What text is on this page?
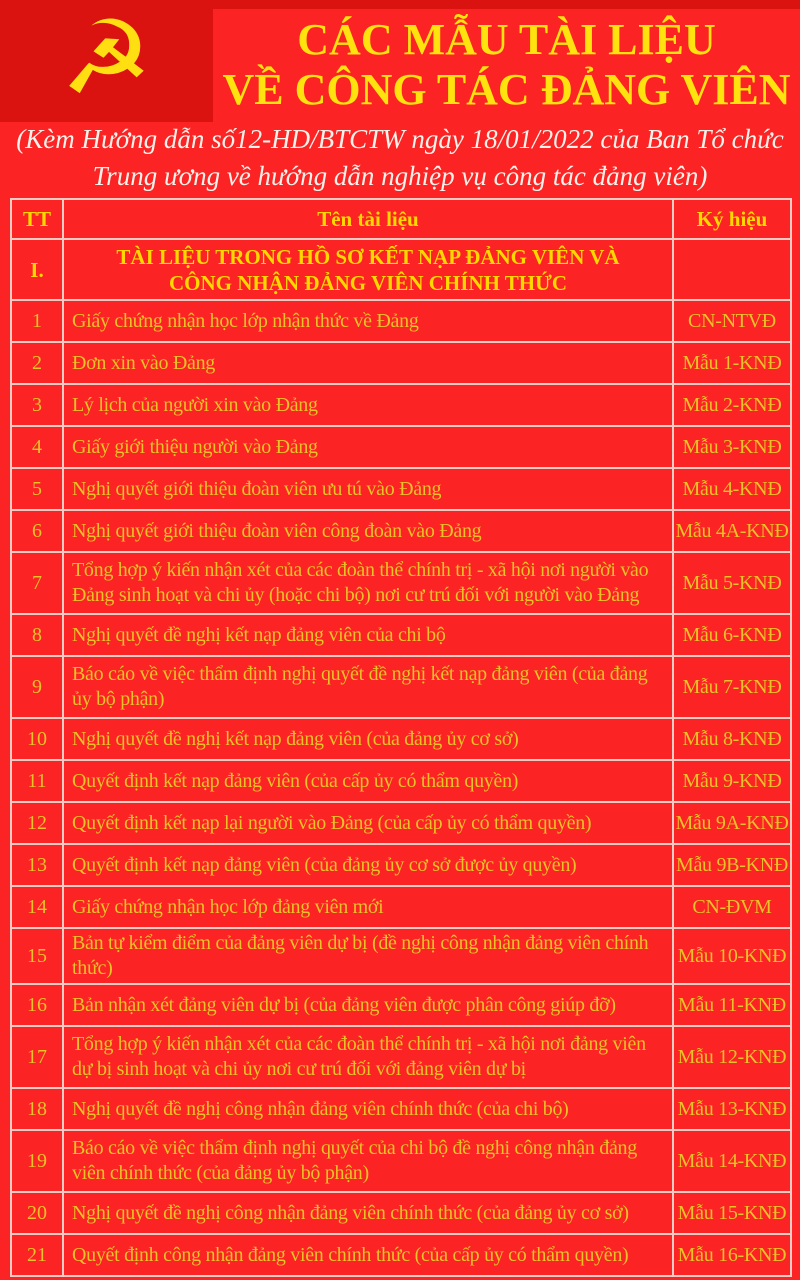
☭	CÁC MẪU TÀI LIỆU
VỀ CÔNG TÁC ĐẢNG VIÊN
(Kèm Hướng dẫn số12-HD/BTCTW ngày 18/01/2022 của Ban Tổ chức
Trung ương về hướng dẫn nghiệp vụ công tác đảng viên)
TT	Tên tài liệu	Ký hiệu
I.	TÀI LIỆU TRONG HỒ SƠ KẾT NẠP ĐẢNG VIÊN VÀ CÔNG NHẬN ĐẢNG VIÊN CHÍNH THỨC	
1	Giấy chứng nhận học lớp nhận thức về Đảng	CN-NTVĐ
2	Đơn xin vào Đảng	Mẫu 1-KNĐ
3	Lý lịch của người xin vào Đảng	Mẫu 2-KNĐ
4	Giấy giới thiệu người vào Đảng	Mẫu 3-KNĐ
5	Nghị quyết giới thiệu đoàn viên ưu tú vào Đảng	Mẫu 4-KNĐ
6	Nghị quyết giới thiệu đoàn viên công đoàn vào Đảng	Mẫu 4A-KNĐ
7	Tổng hợp ý kiến nhận xét của các đoàn thể chính trị - xã hội nơi người vào Đảng sinh hoạt và chi ủy (hoặc chi bộ) nơi cư trú đối với người vào Đảng	Mẫu 5-KNĐ
8	Nghị quyết đề nghị kết nạp đảng viên của chi bộ	Mẫu 6-KNĐ
9	Báo cáo về việc thẩm định nghị quyết đề nghị kết nạp đảng viên (của đảng ủy bộ phận)	Mẫu 7-KNĐ
10	Nghị quyết đề nghị kết nạp đảng viên (của đảng ủy cơ sở)	Mẫu 8-KNĐ
11	Quyết định kết nạp đảng viên (của cấp ủy có thẩm quyền)	Mẫu 9-KNĐ
12	Quyết định kết nạp lại người vào Đảng (của cấp ủy có thẩm quyền)	Mẫu 9A-KNĐ
13	Quyết định kết nạp đảng viên (của đảng ủy cơ sở được ủy quyền)	Mẫu 9B-KNĐ
14	Giấy chứng nhận học lớp đảng viên mới	CN-ĐVM
15	Bản tự kiểm điểm của đảng viên dự bị (đề nghị công nhận đảng viên chính thức)	Mẫu 10-KNĐ
16	Bản nhận xét đảng viên dự bị (của đảng viên được phân công giúp đỡ)	Mẫu 11-KNĐ
17	Tổng hợp ý kiến nhận xét của các đoàn thể chính trị - xã hội nơi đảng viên dự bị sinh hoạt và chi ủy nơi cư trú đối với đảng viên dự bị	Mẫu 12-KNĐ
18	Nghị quyết đề nghị công nhận đảng viên chính thức (của chi bộ)	Mẫu 13-KNĐ
19	Báo cáo về việc thẩm định nghị quyết của chi bộ đề nghị công nhận đảng viên chính thức (của đảng ủy bộ phận)	Mẫu 14-KNĐ
20	Nghị quyết đề nghị công nhận đảng viên chính thức (của đảng ủy cơ sở)	Mẫu 15-KNĐ
21	Quyết định công nhận đảng viên chính thức (của cấp ủy có thẩm quyền)	Mẫu 16-KNĐ
